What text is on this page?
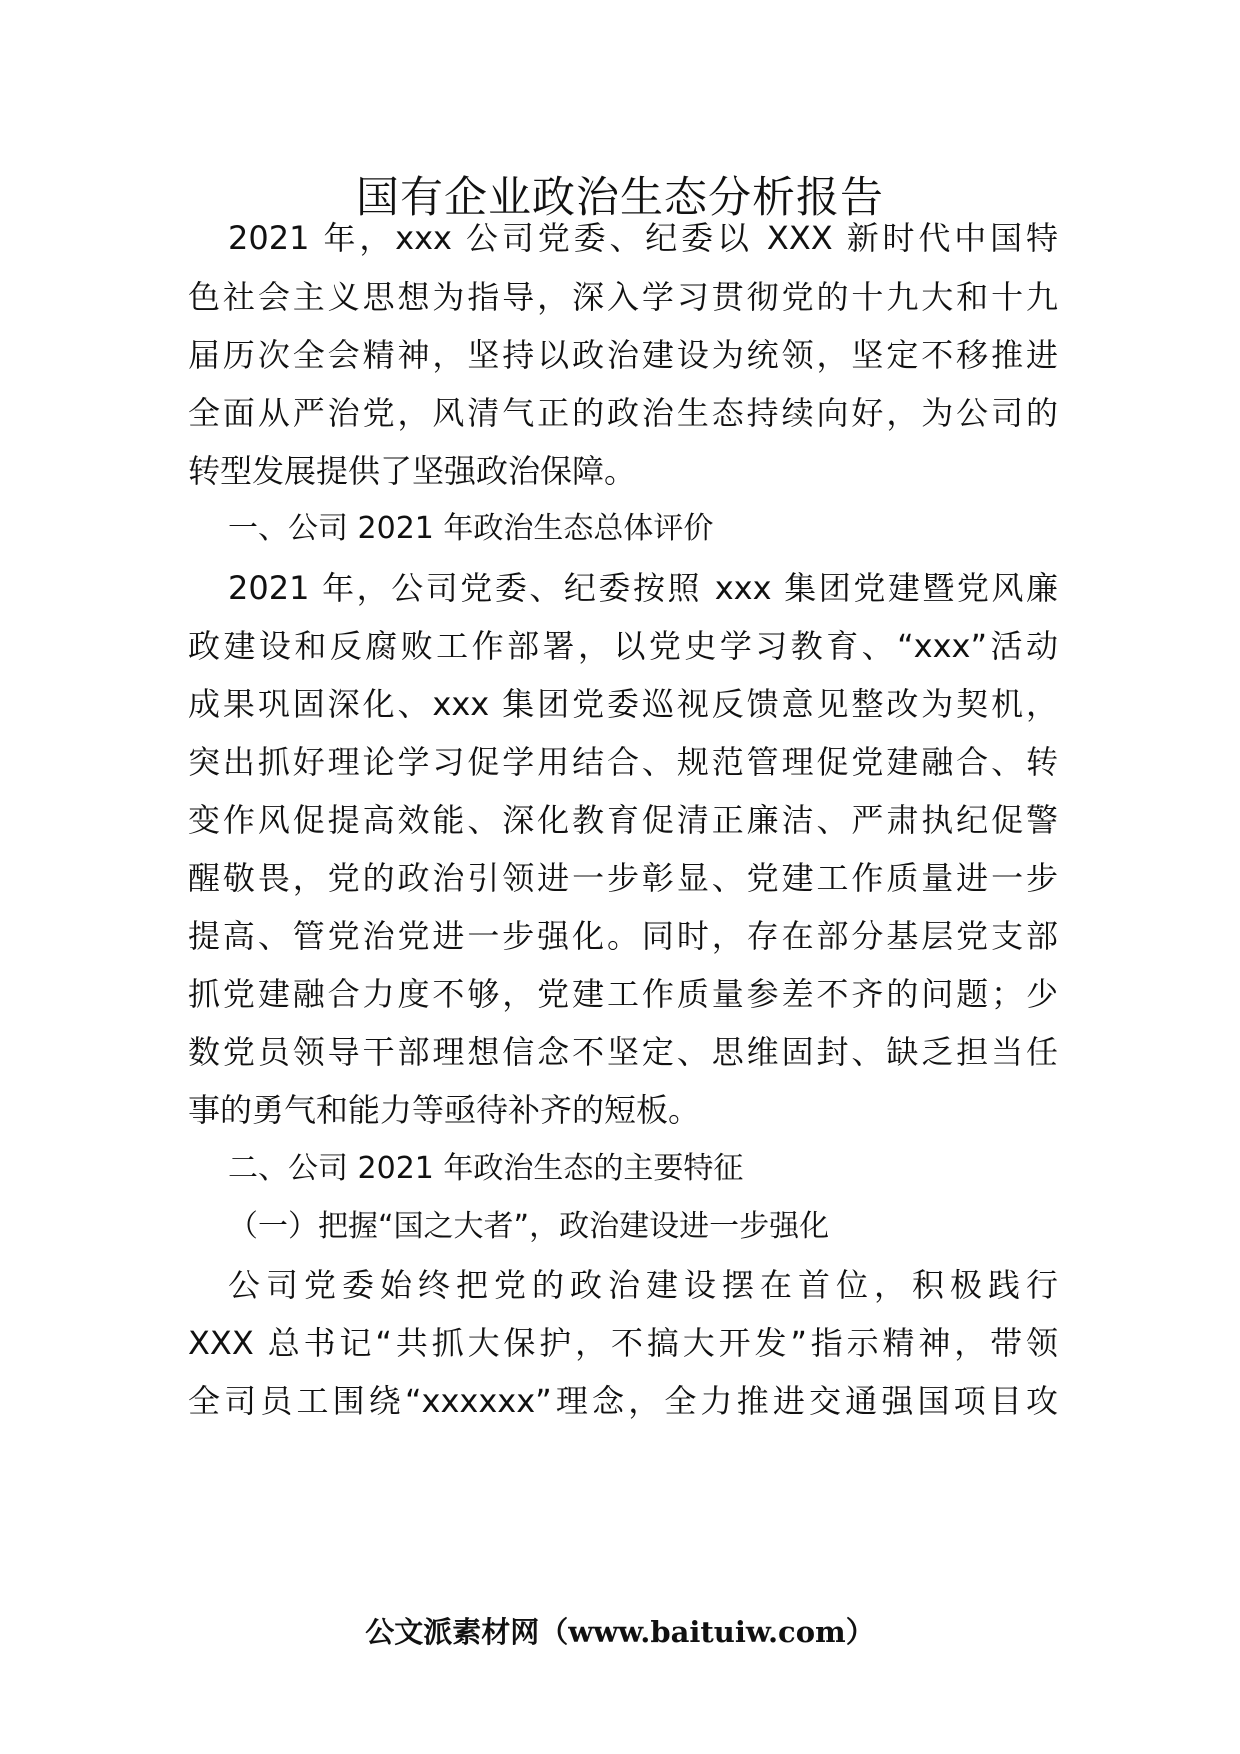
国有企业政治生态分析报告
2021 年，xxx 公司党委、纪委以 XXX 新时代中国特
色社会主义思想为指导，深入学习贯彻党的十九大和十九
届历次全会精神，坚持以政治建设为统领，坚定不移推进
全面从严治党，风清气正的政治生态持续向好，为公司的
转型发展提供了坚强政治保障。
一、公司 2021 年政治生态总体评价
2021 年，公司党委、纪委按照 xxx 集团党建暨党风廉
政建设和反腐败工作部署，以党史学习教育、“xxx”活动
成果巩固深化、xxx 集团党委巡视反馈意见整改为契机，
突出抓好理论学习促学用结合、规范管理促党建融合、转
变作风促提高效能、深化教育促清正廉洁、严肃执纪促警
醒敬畏，党的政治引领进一步彰显、党建工作质量进一步
提高、管党治党进一步强化。同时，存在部分基层党支部
抓党建融合力度不够，党建工作质量参差不齐的问题；少
数党员领导干部理想信念不坚定、思维固封、缺乏担当任
事的勇气和能力等亟待补齐的短板。
二、公司 2021 年政治生态的主要特征
（一）把握“国之大者”，政治建设进一步强化
公司党委始终把党的政治建设摆在首位，积极践行
XXX 总书记“共抓大保护，不搞大开发”指示精神，带领
全司员工围绕“xxxxxx”理念，全力推进交通强国项目攻
公文派素材网（www.baituiw.com）
